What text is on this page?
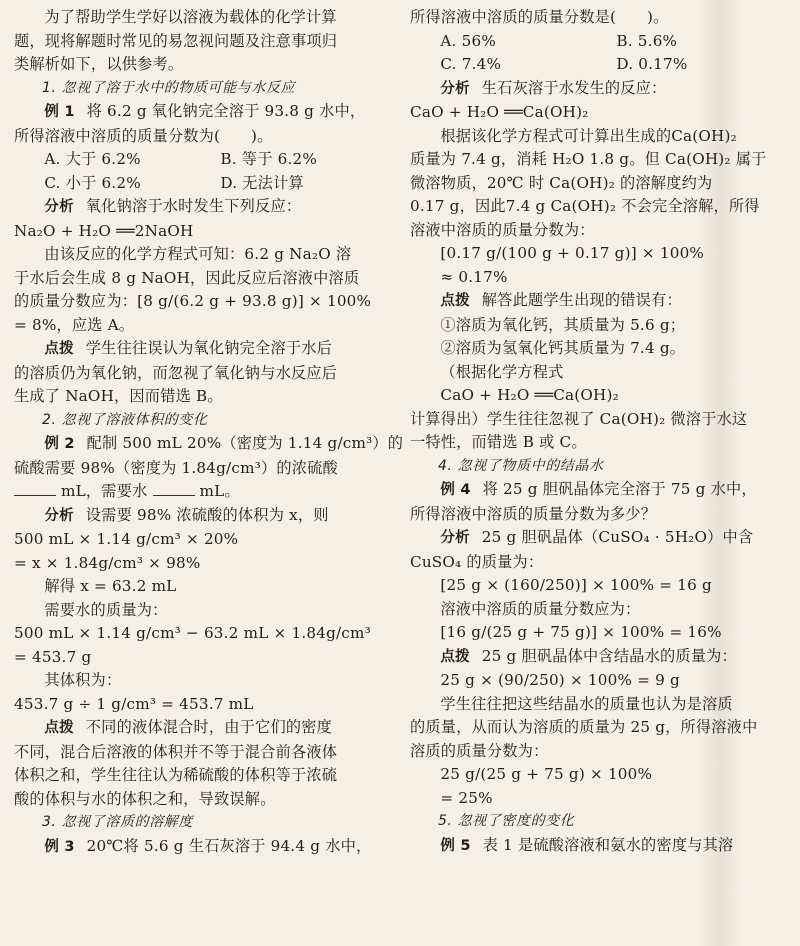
为了帮助学生学好以溶液为载体的化学计算
题，现将解题时常见的易忽视问题及注意事项归
类解析如下，以供参考。
1. 忽视了溶于水中的物质可能与水反应
例 1 将 6.2 g 氧化钠完全溶于 93.8 g 水中，
所得溶液中溶质的质量分数为(　　)。
A. 大于 6.2%	B. 等于 6.2%
C. 小于 6.2%	D. 无法计算
分析 氧化钠溶于水时发生下列反应：
Na₂O + H₂O ══2NaOH
由该反应的化学方程式可知：6.2 g Na₂O 溶
于水后会生成 8 g NaOH，因此反应后溶液中溶质
的质量分数应为：[8 g/(6.2 g + 93.8 g)] × 100%
= 8%，应选 A。
点拨 学生往往误认为氧化钠完全溶于水后
的溶质仍为氧化钠，而忽视了氧化钠与水反应后
生成了 NaOH，因而错选 B。
2. 忽视了溶液体积的变化
例 2 配制 500 mL 20%（密度为 1.14 g/cm³）的
硫酸需要 98%（密度为 1.84g/cm³）的浓硫酸
mL，需要水	mL。
分析 设需要 98% 浓硫酸的体积为 x，则
500 mL × 1.14 g/cm³ × 20%
= x × 1.84g/cm³ × 98%
解得 x = 63.2 mL
需要水的质量为：
500 mL × 1.14 g/cm³ − 63.2 mL × 1.84g/cm³
= 453.7 g
其体积为：
453.7 g ÷ 1 g/cm³ = 453.7 mL
点拨 不同的液体混合时，由于它们的密度
不同，混合后溶液的体积并不等于混合前各液体
体积之和，学生往往认为稀硫酸的体积等于浓硫
酸的体积与水的体积之和，导致误解。
3. 忽视了溶质的溶解度
例 3 20℃将 5.6 g 生石灰溶于 94.4 g 水中，
所得溶液中溶质的质量分数是(　　)。
A. 56%	B. 5.6%
C. 7.4%	D. 0.17%
分析 生石灰溶于水发生的反应：
CaO + H₂O ══Ca(OH)₂
根据该化学方程式可计算出生成的Ca(OH)₂
质量为 7.4 g，消耗 H₂O 1.8 g。但 Ca(OH)₂ 属于
微溶物质，20℃ 时 Ca(OH)₂ 的溶解度约为
0.17 g，因此7.4 g Ca(OH)₂ 不会完全溶解，所得
溶液中溶质的质量分数为：
[0.17 g/(100 g + 0.17 g)] × 100%
≈ 0.17%
点拨 解答此题学生出现的错误有：
①溶质为氧化钙，其质量为 5.6 g；
②溶质为氢氧化钙其质量为 7.4 g。
（根据化学方程式
CaO + H₂O ══Ca(OH)₂
计算得出）学生往往忽视了 Ca(OH)₂ 微溶于水这
一特性，而错选 B 或 C。
4. 忽视了物质中的结晶水
例 4 将 25 g 胆矾晶体完全溶于 75 g 水中，
所得溶液中溶质的质量分数为多少？
分析 25 g 胆矾晶体（CuSO₄ · 5H₂O）中含
CuSO₄ 的质量为：
[25 g × (160/250)] × 100% = 16 g
溶液中溶质的质量分数应为：
[16 g/(25 g + 75 g)] × 100% = 16%
点拨 25 g 胆矾晶体中含结晶水的质量为：
25 g × (90/250) × 100% = 9 g
学生往往把这些结晶水的质量也认为是溶质
的质量，从而认为溶质的质量为 25 g，所得溶液中
溶质的质量分数为：
25 g/(25 g + 75 g) × 100%
= 25%
5. 忽视了密度的变化
例 5 表 1 是硫酸溶液和氨水的密度与其溶
